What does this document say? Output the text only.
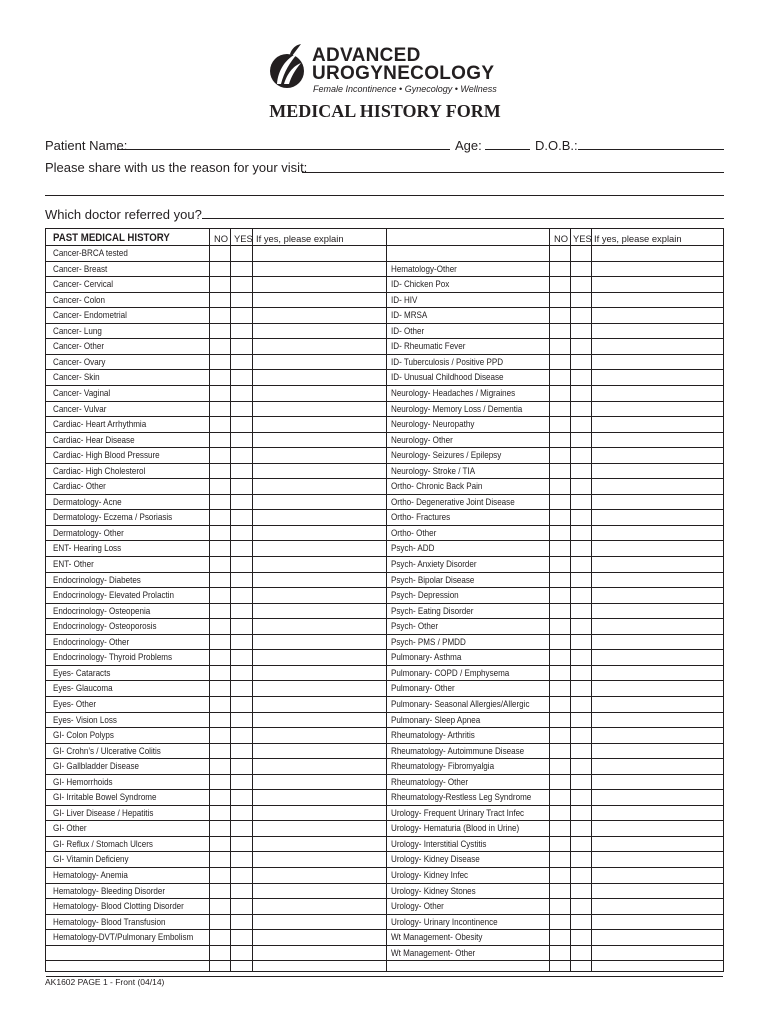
ADVANCED
UROGYNECOLOGY
Female Incontinence • Gynecology • Wellness
MEDICAL HISTORY FORM
Patient Name:	Age:	D.O.B.:
Please share with us the reason for your visit:
Which doctor referred you?
PAST MEDICAL HISTORY	NO YES If yes, please explain	NO YES If yes, please explain
Cancer-BRCA tested
Cancer- Breast	Hematology-Other
Cancer- Cervical	ID- Chicken Pox
Cancer- Colon	ID- HIV
Cancer- Endometrial	ID- MRSA
Cancer- Lung	ID- Other
Cancer- Other	ID- Rheumatic Fever
Cancer- Ovary	ID- Tuberculosis / Positive PPD
Cancer- Skin	ID- Unusual Childhood Disease
Cancer- Vaginal	Neurology- Headaches / Migraines
Cancer- Vulvar	Neurology- Memory Loss / Dementia
Cardiac- Heart Arrhythmia	Neurology- Neuropathy
Cardiac- Hear Disease	Neurology- Other
Cardiac- High Blood Pressure	Neurology- Seizures / Epilepsy
Cardiac- High Cholesterol	Neurology- Stroke / TIA
Cardiac- Other	Ortho- Chronic Back Pain
Dermatology- Acne	Ortho- Degenerative Joint Disease
Dermatology- Eczema / Psoriasis	Ortho- Fractures
Dermatology- Other	Ortho- Other
ENT- Hearing Loss	Psych- ADD
ENT- Other	Psych- Anxiety Disorder
Endocrinology- Diabetes	Psych- Bipolar Disease
Endocrinology- Elevated Prolactin	Psych- Depression
Endocrinology- Osteopenia	Psych- Eating Disorder
Endocrinology- Osteoporosis	Psych- Other
Endocrinology- Other	Psych- PMS / PMDD
Endocrinology- Thyroid Problems	Pulmonary- Asthma
Eyes- Cataracts	Pulmonary- COPD / Emphysema
Eyes- Glaucoma	Pulmonary- Other
Eyes- Other	Pulmonary- Seasonal Allergies/Allergic
Eyes- Vision Loss	Pulmonary- Sleep Apnea
GI- Colon Polyps	Rheumatology- Arthritis
GI- Crohn’s / Ulcerative Colitis	Rheumatology- Autoimmune Disease
GI- Gallbladder Disease	Rheumatology- Fibromyalgia
GI- Hemorrhoids	Rheumatology- Other
GI- Irritable Bowel Syndrome	Rheumatology-Restless Leg Syndrome
GI- Liver Disease / Hepatitis	Urology- Frequent Urinary Tract Infec
GI- Other	Urology- Hematuria (Blood in Urine)
GI- Reflux / Stomach Ulcers	Urology- Interstitial Cystitis
GI- Vitamin Deficieny	Urology- Kidney Disease
Hematology- Anemia	Urology- Kidney Infec
Hematology- Bleeding Disorder	Urology- Kidney Stones
Hematology- Blood Clotting Disorder	Urology- Other
Hematology- Blood Transfusion	Urology- Urinary Incontinence
Hematology-DVT/Pulmonary Embolism	Wt Management- Obesity
Wt Management- Other
AK1602 PAGE 1 - Front (04/14)
